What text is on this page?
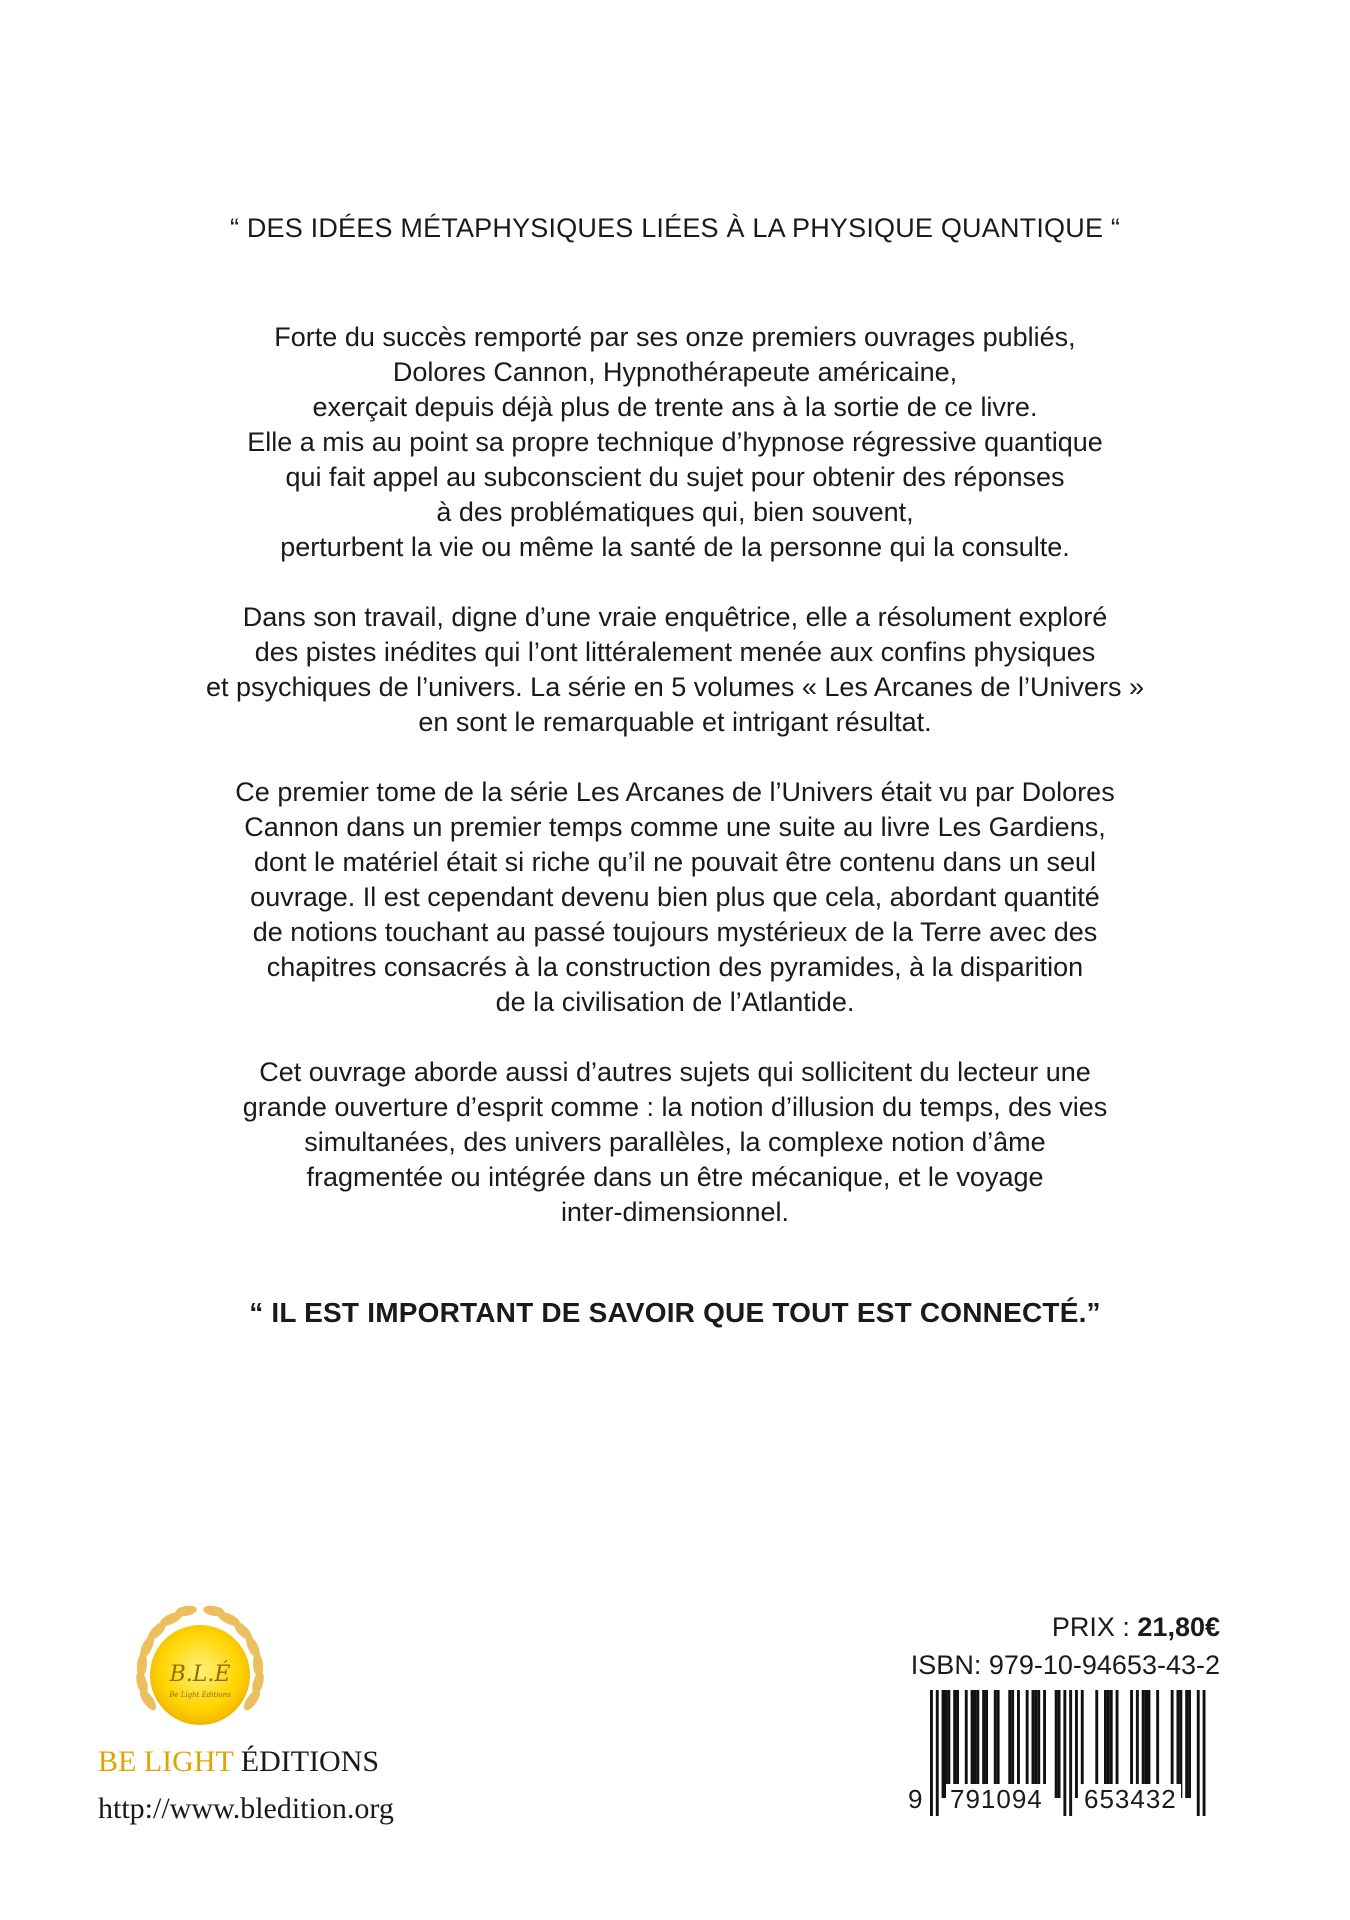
“ DES IDÉES MÉTAPHYSIQUES LIÉES À LA PHYSIQUE QUANTIQUE “
Forte du succès remporté par ses onze premiers ouvrages publiés,
Dolores Cannon, Hypnothérapeute américaine,
exerçait depuis déjà plus de trente ans à la sortie de ce livre.
Elle a mis au point sa propre technique d’hypnose régressive quantique
qui fait appel au subconscient du sujet pour obtenir des réponses
à des problématiques qui, bien souvent,
perturbent la vie ou même la santé de la personne qui la consulte.
Dans son travail, digne d’une vraie enquêtrice, elle a résolument exploré
des pistes inédites qui l’ont littéralement menée aux confins physiques
et psychiques de l’univers. La série en 5 volumes « Les Arcanes de l’Univers »
en sont le remarquable et intrigant résultat.
Ce premier tome de la série Les Arcanes de l’Univers était vu par Dolores
Cannon dans un premier temps comme une suite au livre Les Gardiens,
dont le matériel était si riche qu’il ne pouvait être contenu dans un seul
ouvrage. Il est cependant devenu bien plus que cela, abordant quantité
de notions touchant au passé toujours mystérieux de la Terre avec des
chapitres consacrés à la construction des pyramides, à la disparition
de la civilisation de l’Atlantide.
Cet ouvrage aborde aussi d’autres sujets qui sollicitent du lecteur une
grande ouverture d’esprit comme : la notion d’illusion du temps, des vies
simultanées, des univers parallèles, la complexe notion d’âme
fragmentée ou intégrée dans un être mécanique, et le voyage
inter-dimensionnel.
“ IL EST IMPORTANT DE SAVOIR QUE TOUT EST CONNECTÉ.”
B.L.É
Be Light Éditions
BE LIGHT ÉDITIONS
http://www.bledition.org
PRIX : 21,80€
ISBN: 979-10-94653-43-2
9 791094 653432
